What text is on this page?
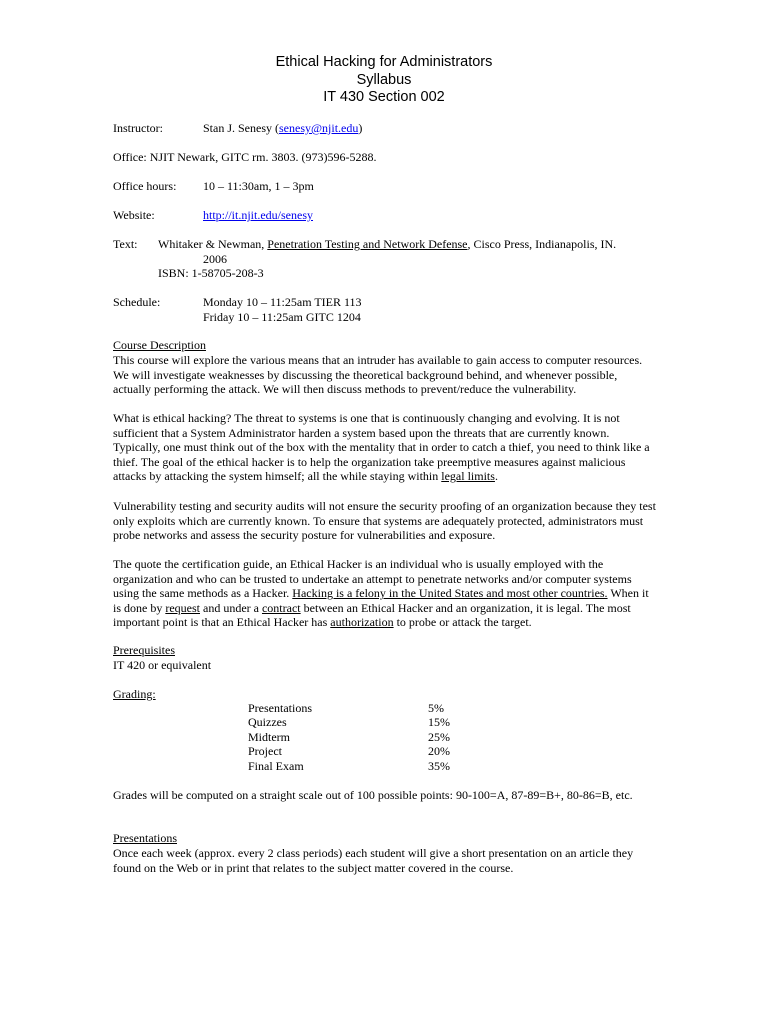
Ethical Hacking for Administrators
Syllabus
IT 430 Section 002
Instructor:	Stan J. Senesy (senesy@njit.edu)
Office: NJIT Newark, GITC rm. 3803. (973)596-5288.
Office hours: 10 – 11:30am, 1 – 3pm
Website:	http://it.njit.edu/senesy
Text: Whitaker & Newman, Penetration Testing and Network Defense, Cisco Press, Indianapolis, IN.
2006
ISBN: 1-58705-208-3
Schedule:	Monday 10 – 11:25am TIER 113
Friday 10 – 11:25am GITC 1204
Course Description

This course will explore the various means that an intruder has available to gain access to computer resources. We will investigate weaknesses by discussing the theoretical background behind, and whenever possible, actually performing the attack. We will then discuss methods to prevent/reduce the vulnerability.

What is ethical hacking? The threat to systems is one that is continuously changing and evolving. It is not sufficient that a System Administrator harden a system based upon the threats that are currently known. Typically, one must think out of the box with the mentality that in order to catch a thief, you need to think like a thief. The goal of the ethical hacker is to help the organization take preemptive measures against malicious attacks by attacking the system himself; all the while staying within legal limits.

Vulnerability testing and security audits will not ensure the security proofing of an organization because they test only exploits which are currently known. To ensure that systems are adequately protected, administrators must probe networks and assess the security posture for vulnerabilities and exposure.

The quote the certification guide, an Ethical Hacker is an individual who is usually employed with the organization and who can be trusted to undertake an attempt to penetrate networks and/or computer systems using the same methods as a Hacker. Hacking is a felony in the United States and most other countries. When it is done by request and under a contract between an Ethical Hacker and an organization, it is legal. The most important point is that an Ethical Hacker has authorization to probe or attack the target.

Prerequisites
IT 420 or equivalent
Grading:
Presentations	5%
Quizzes	15%
Midterm	25%
Project	20%
Final Exam	35%

Grades will be computed on a straight scale out of 100 possible points: 90-100=A, 87-89=B+, 80-86=B, etc.

Presentations

Once each week (approx. every 2 class periods) each student will give a short presentation on an article they found on the Web or in print that relates to the subject matter covered in the course.
